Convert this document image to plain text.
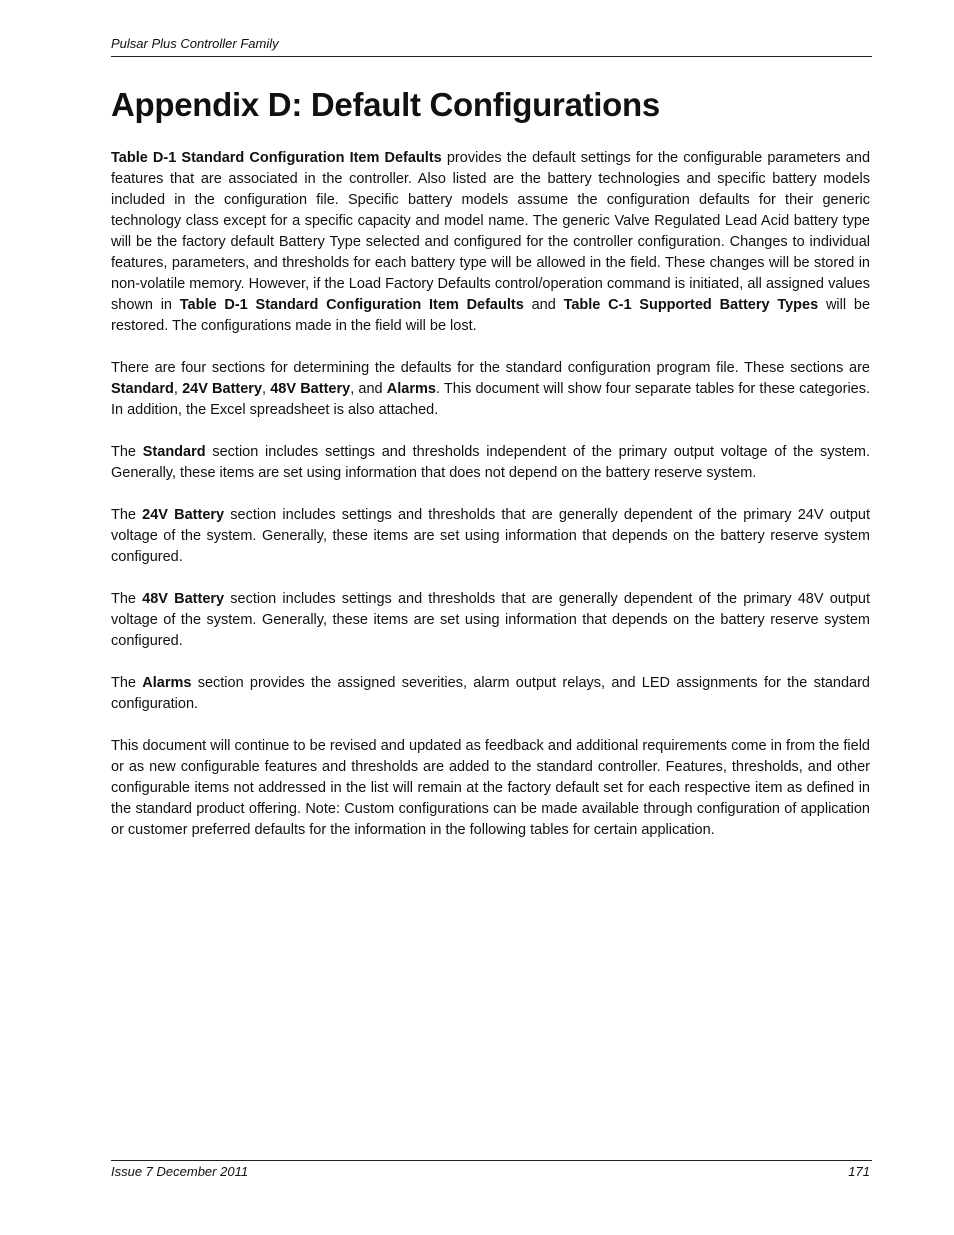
Pulsar Plus Controller Family
Appendix D: Default Configurations

Table D-1 Standard Configuration Item Defaults provides the default settings for the configurable parameters and features that are associated in the controller. Also listed are the battery technologies and specific battery models included in the configuration file. Specific battery models assume the configuration defaults for their generic technology class except for a specific capacity and model name. The generic Valve Regulated Lead Acid battery type will be the factory default Battery Type selected and configured for the controller configuration. Changes to individual features, parameters, and thresholds for each battery type will be allowed in the field. These changes will be stored in non-volatile memory. However, if the Load Factory Defaults control/operation command is initiated, all assigned values shown in Table D-1 Standard Configuration Item Defaults and Table C-1 Supported Battery Types will be restored. The configurations made in the field will be lost.

There are four sections for determining the defaults for the standard configuration program file. These sections are Standard, 24V Battery, 48V Battery, and Alarms. This document will show four separate tables for these categories. In addition, the Excel spreadsheet is also attached.

The Standard section includes settings and thresholds independent of the primary output voltage of the system. Generally, these items are set using information that does not depend on the battery reserve system.

The 24V Battery section includes settings and thresholds that are generally dependent of the primary 24V output voltage of the system. Generally, these items are set using information that depends on the battery reserve system configured.

The 48V Battery section includes settings and thresholds that are generally dependent of the primary 48V output voltage of the system. Generally, these items are set using information that depends on the battery reserve system configured.

The Alarms section provides the assigned severities, alarm output relays, and LED assignments for the standard configuration.

This document will continue to be revised and updated as feedback and additional requirements come in from the field or as new configurable features and thresholds are added to the standard controller. Features, thresholds, and other configurable items not addressed in the list will remain at the factory default set for each respective item as defined in the standard product offering. Note: Custom configurations can be made available through configuration of application or customer preferred defaults for the information in the following tables for certain application.

Issue 7 December 2011	171
